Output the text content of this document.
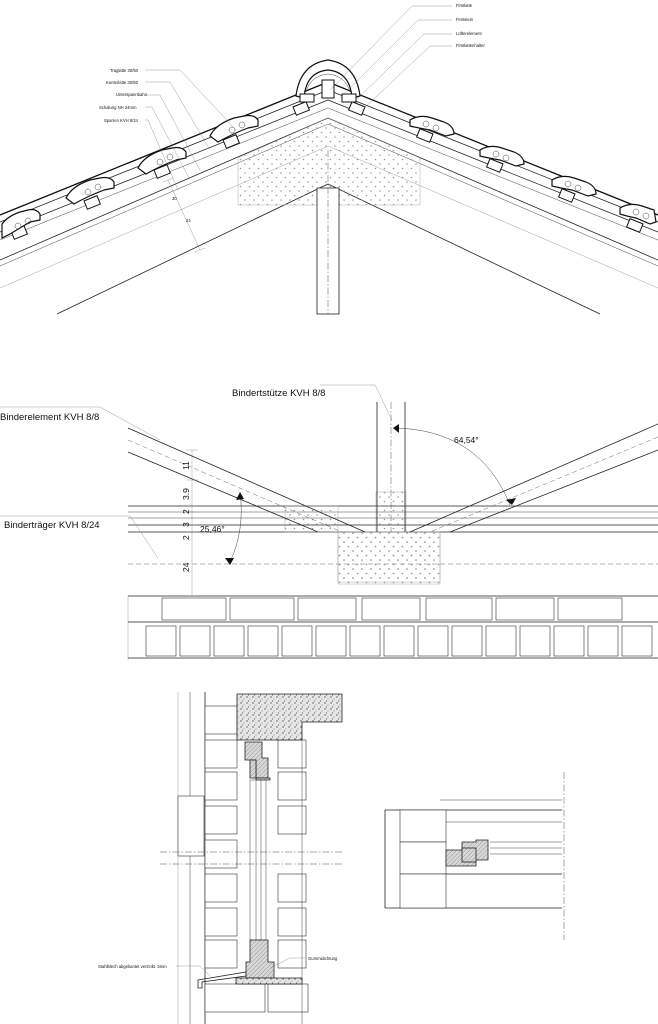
Firstlatte
Firststein
Lüfterelement
Firstlattenhalter
Traglatte 30/50
Konterlatte 30/50
Unterspannbahn
Schalung NH 24mm
Sparren KVH 8/24
30
24
Bindertstütze KVH 8/8
Binderelement KVH 8/8
Binderträger KVH 8/24
64,54°
25,46°
11
3.9
2
3
2
24
Gummidichtung
Stahlblech abgekantet verzinkt. 5mm
